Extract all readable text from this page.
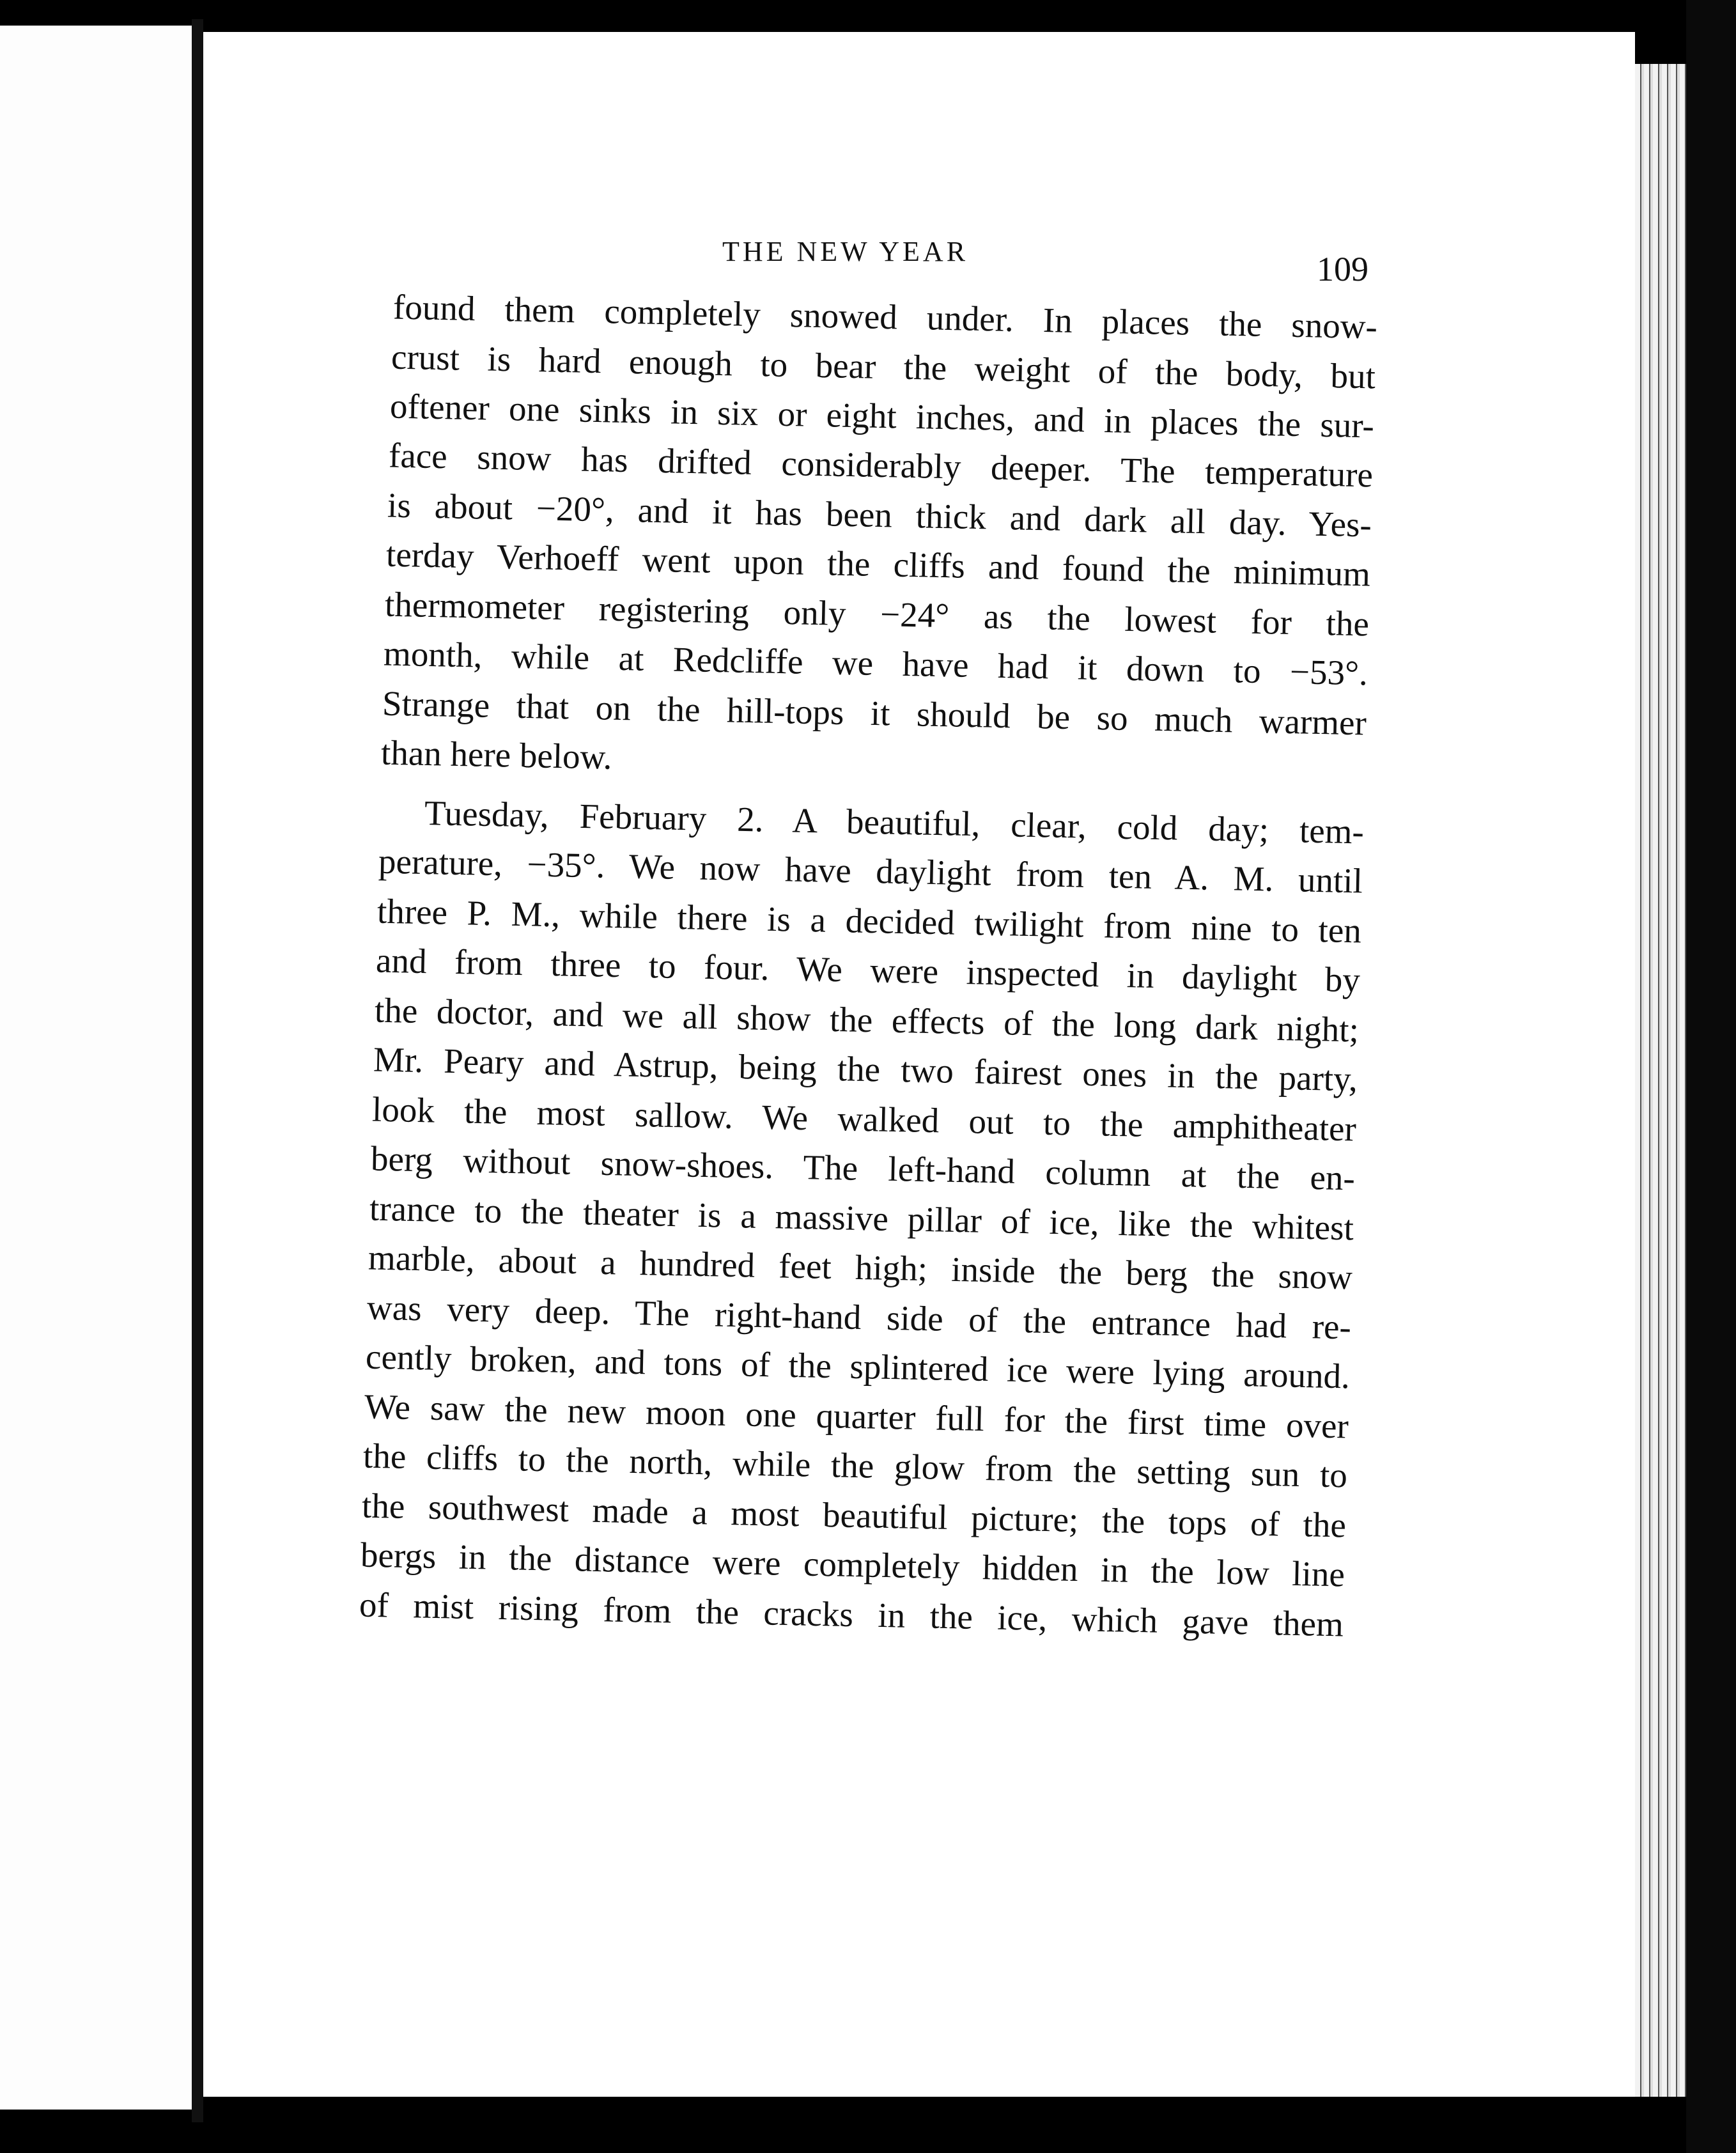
THE NEW YEAR	109
found them completely snowed under. In places the snow-
crust is hard enough to bear the weight of the body, but
oftener one sinks in six or eight inches, and in places the sur-
face snow has drifted considerably deeper. The temperature
is about −20°, and it has been thick and dark all day. Yes-
terday Verhoeff went upon the cliffs and found the minimum
thermometer registering only −24° as the lowest for the
month, while at Redcliffe we have had it down to −53°.
Strange that on the hill-tops it should be so much warmer
than here below.
Tuesday, February 2. A beautiful, clear, cold day; tem-
perature, −35°. We now have daylight from ten A. M. until
three P. M., while there is a decided twilight from nine to ten
and from three to four. We were inspected in daylight by
the doctor, and we all show the effects of the long dark night;
Mr. Peary and Astrup, being the two fairest ones in the party,
look the most sallow. We walked out to the amphitheater
berg without snow-shoes. The left-hand column at the en-
trance to the theater is a massive pillar of ice, like the whitest
marble, about a hundred feet high; inside the berg the snow
was very deep. The right-hand side of the entrance had re-
cently broken, and tons of the splintered ice were lying around.
We saw the new moon one quarter full for the first time over
the cliffs to the north, while the glow from the setting sun to
the southwest made a most beautiful picture; the tops of the
bergs in the distance were completely hidden in the low line
of mist rising from the cracks in the ice, which gave them
